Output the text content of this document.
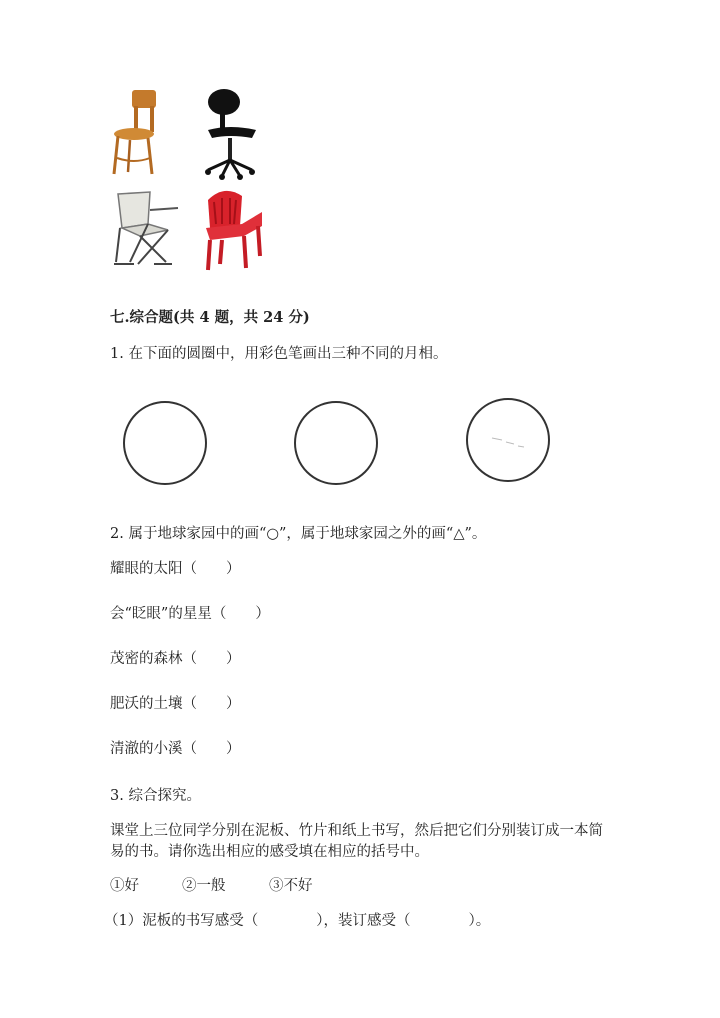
七.综合题(共 4 题，共 24 分)
1. 在下面的圆圈中，用彩色笔画出三种不同的月相。
2. 属于地球家园中的画“○”，属于地球家园之外的画“△”。
耀眼的太阳（　　）
会“眨眼”的星星（　　）
茂密的森林（　　）
肥沃的土壤（　　）
清澈的小溪（　　）
3. 综合探究。
课堂上三位同学分别在泥板、竹片和纸上书写，然后把它们分别装订成一本简
易的书。请你选出相应的感受填在相应的括号中。
①好	②一般	③不好
（1）泥板的书写感受（　　　　），装订感受（　　　　）。
